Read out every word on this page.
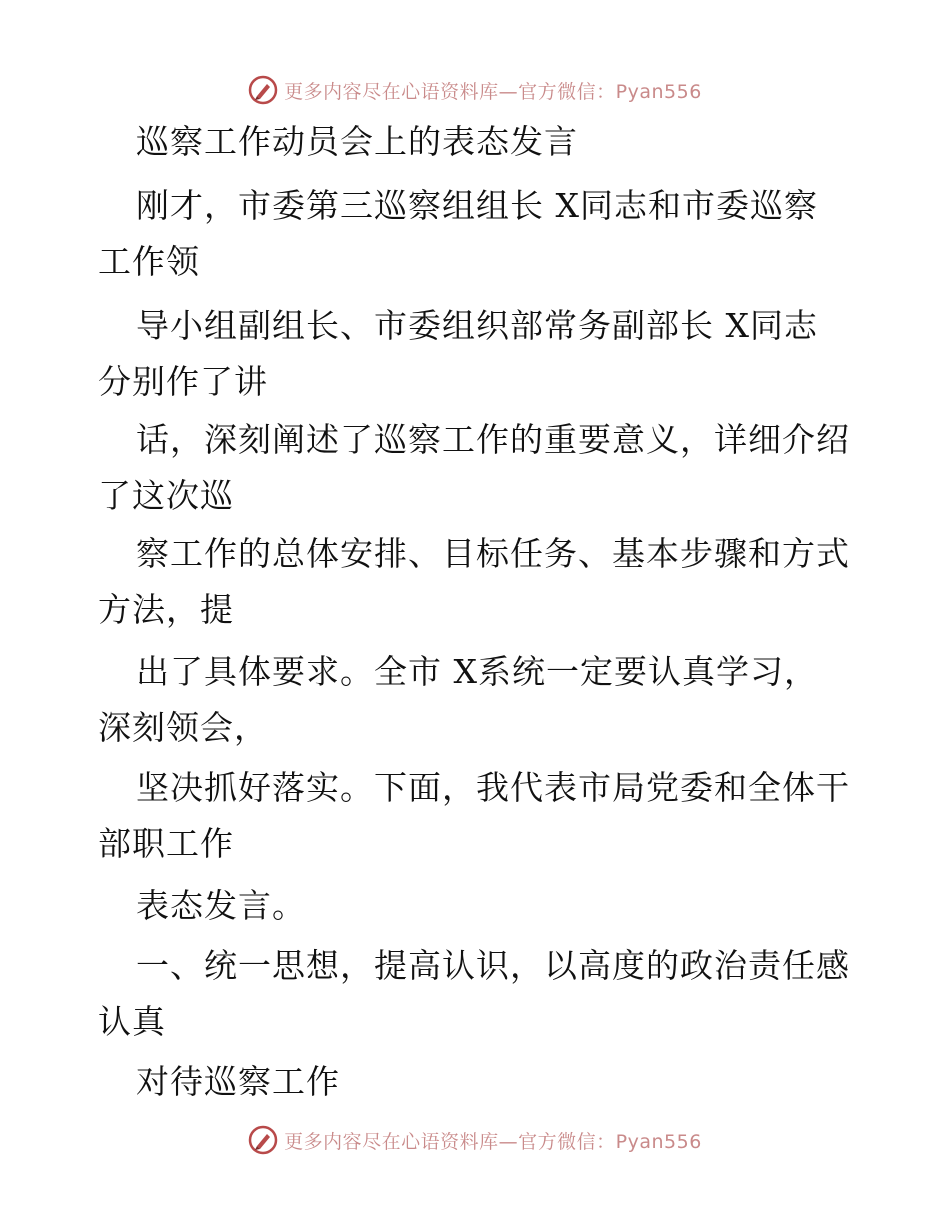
更多内容尽在心语资料库—官方微信：Pyan556
巡察工作动员会上的表态发言
刚才，市委第三巡察组组长 X同志和市委巡察
工作领
导小组副组长、市委组织部常务副部长 X同志
分别作了讲
话，深刻阐述了巡察工作的重要意义，详细介绍
了这次巡
察工作的总体安排、目标任务、基本步骤和方式
方法，提
出了具体要求。全市 X系统一定要认真学习，
深刻领会，
坚决抓好落实。下面，我代表市局党委和全体干
部职工作
表态发言。
一、统一思想，提高认识，以高度的政治责任感
认真
对待巡察工作
更多内容尽在心语资料库—官方微信：Pyan556
